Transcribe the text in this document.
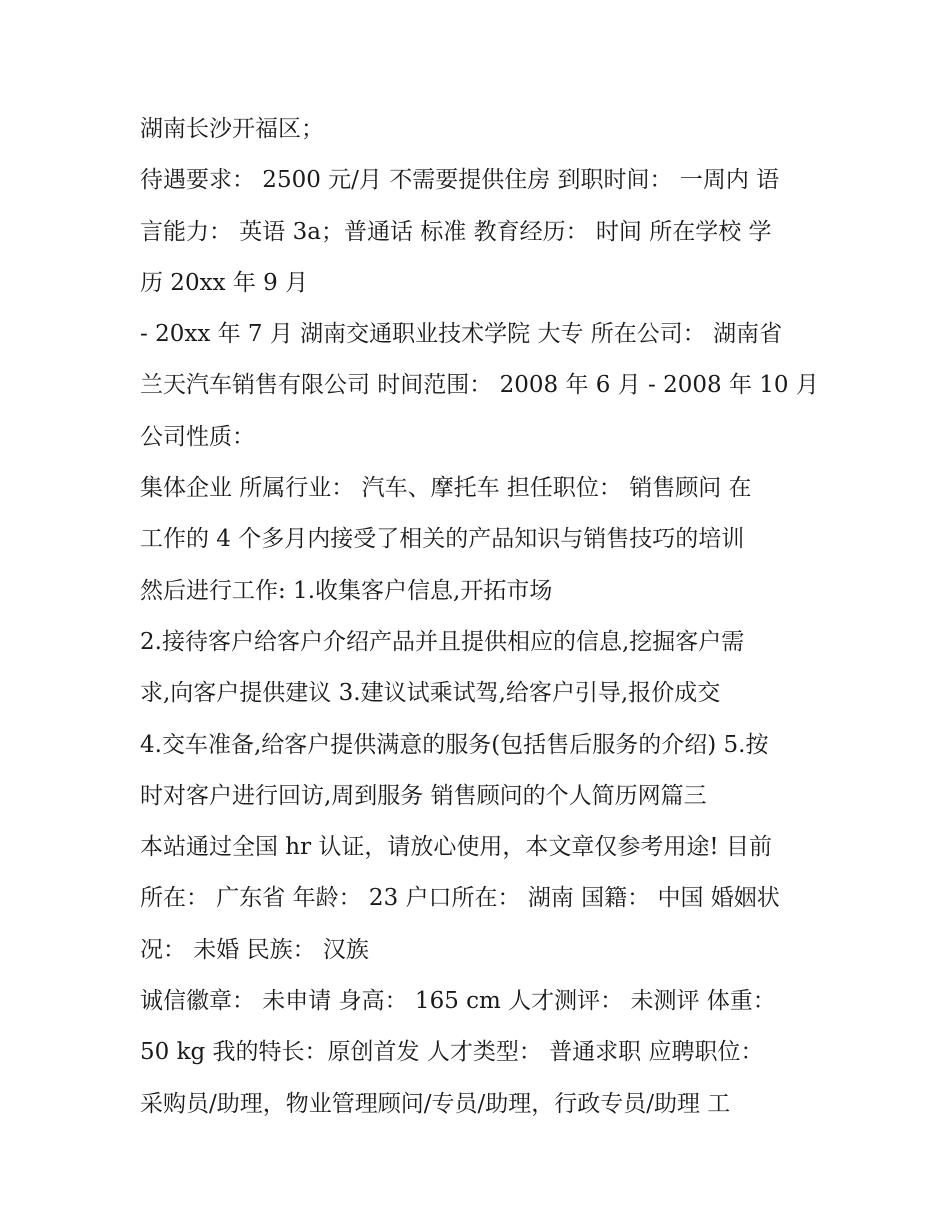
湖南长沙开福区；
待遇要求： 2500 元/月 不需要提供住房 到职时间： 一周内 语
言能力： 英语 3a；普通话 标准 教育经历： 时间 所在学校 学
历 20xx 年 9 月
- 20xx 年 7 月 湖南交通职业技术学院 大专 所在公司： 湖南省
兰天汽车销售有限公司 时间范围： 2008 年 6 月 - 2008 年 10 月
公司性质：
集体企业 所属行业： 汽车、摩托车 担任职位： 销售顾问 在
工作的 4 个多月内接受了相关的产品知识与销售技巧的培训
然后进行工作: 1.收集客户信息,开拓市场
2.接待客户给客户介绍产品并且提供相应的信息,挖掘客户需
求,向客户提供建议 3.建议试乘试驾,给客户引导,报价成交
4.交车准备,给客户提供满意的服务(包括售后服务的介绍) 5.按
时对客户进行回访,周到服务 销售顾问的个人简历网篇三
本站通过全国 hr 认证，请放心使用，本文章仅参考用途! 目前
所在： 广东省 年龄： 23 户口所在： 湖南 国籍： 中国 婚姻状
况： 未婚 民族： 汉族
诚信徽章： 未申请 身高： 165 cm 人才测评： 未测评 体重：
50 kg 我的特长：原创首发 人才类型： 普通求职 应聘职位：
采购员/助理，物业管理顾问/专员/助理，行政专员/助理 工
